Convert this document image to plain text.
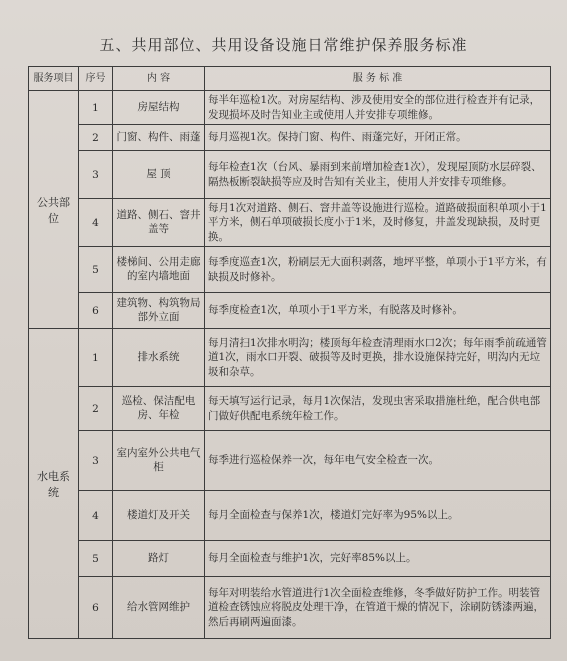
五、共用部位、共用设备设施日常维护保养服务标准
服务项目	序号	内 容	服 务 标 准
公共部位	1	房屋结构	每半年巡检1次。对房屋结构、涉及使用安全的部位进行检查并有记录，发现损坏及时告知业主或使用人并安排专项维修。
	2	门窗、构件、雨蓬	每月巡视1次。保持门窗、构件、雨蓬完好，开闭正常。
	3	屋 顶	每年检查1次（台风、暴雨到来前增加检查1次），发现屋顶防水层碎裂、隔热板断裂缺损等应及时告知有关业主，使用人并安排专项维修。
	4	道路、侧石、窨井盖等	每月1次对道路、侧石、窨井盖等设施进行巡检。道路破损面积单项小于1平方米，侧石单项破损长度小于1米，及时修复，井盖发现缺损，及时更换。
	5	楼梯间、公用走廊的室内墙地面	每季度巡查1次，粉刷层无大面积剥落，地坪平整，单项小于1平方米，有缺损及时修补。
	6	建筑物、构筑物局部外立面	每季度检查1次，单项小于1平方米，有脱落及时修补。
水电系统	1	排水系统	每月清扫1次排水明沟；楼顶每年检查清理雨水口2次；每年雨季前疏通管道1次，雨水口开裂、破损等及时更换，排水设施保持完好，明沟内无垃圾和杂草。
	2	巡检、保洁配电房、年检	每天填写运行记录，每月1次保洁，发现虫害采取措施杜绝，配合供电部门做好供配电系统年检工作。
	3	室内室外公共电气柜	每季进行巡检保养一次，每年电气安全检查一次。
	4	楼道灯及开关	每月全面检查与保养1次，楼道灯完好率为95%以上。
	5	路灯	每月全面检查与维护1次，完好率85%以上。
	6	给水管网维护	每年对明装给水管道进行1次全面检查维修，冬季做好防护工作。明装管道检查锈蚀应将脱皮处理干净，在管道干燥的情况下，涂刷防锈漆两遍，然后再刷两遍面漆。
